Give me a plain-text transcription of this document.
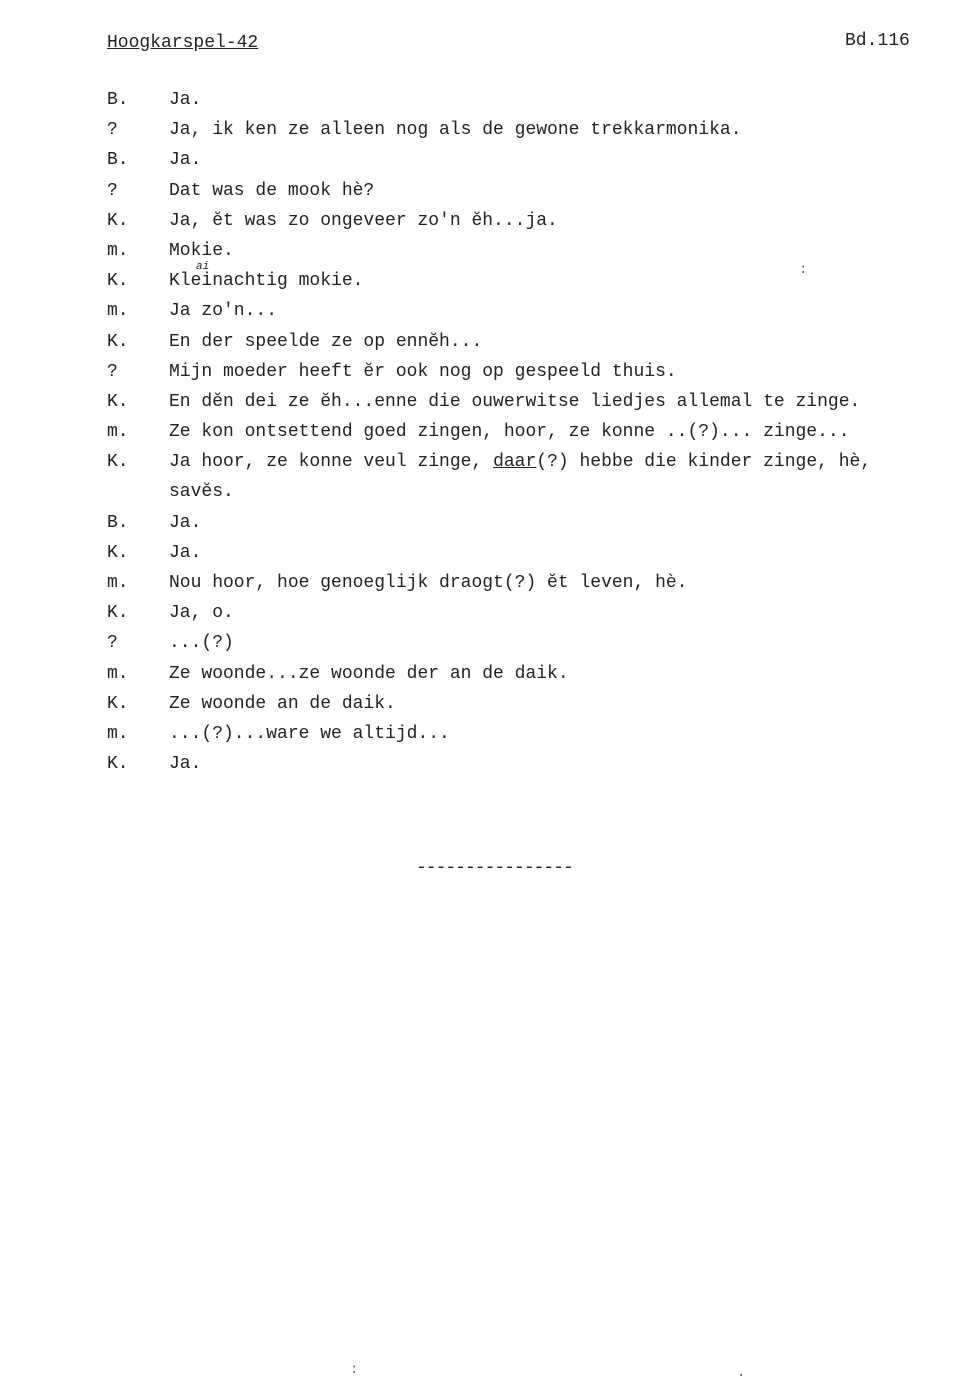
Hoogkarspel-42	Bd.116
B. Ja.
?	Ja, ik ken ze alleen nog als de gewone trekkarmonika.
B. Ja.
?	Dat was de mook hè?
K. Ja, ĕt was zo ongeveer zo'n ĕh...ja.
m. Mokie.
K. Kleinachtig mokie.
ai
m. Ja zo'n...
K. En der speelde ze op ennĕh...
?	Mijn moeder heeft ĕr ook nog op gespeeld thuis.
K. En dĕn dei ze ĕh...enne die ouwerwitse liedjes allemal te zinge.
m. Ze kon ontsettend goed zingen, hoor, ze konne ..(?)... zinge...
K. Ja hoor, ze konne veul zinge, daar(?) hebbe die kinder zinge, hè,
savĕs.
B. Ja.
K. Ja.
m. Nou hoor, hoe genoeglijk draogt(?) ĕt leven, hè.
K. Ja, o.
?	...(?)
m. Ze woonde...ze woonde der an de daik.
K. Ze woonde an de daik.
m. ...(?)...ware we altijd...
K. Ja.
----------------
:
:	·
